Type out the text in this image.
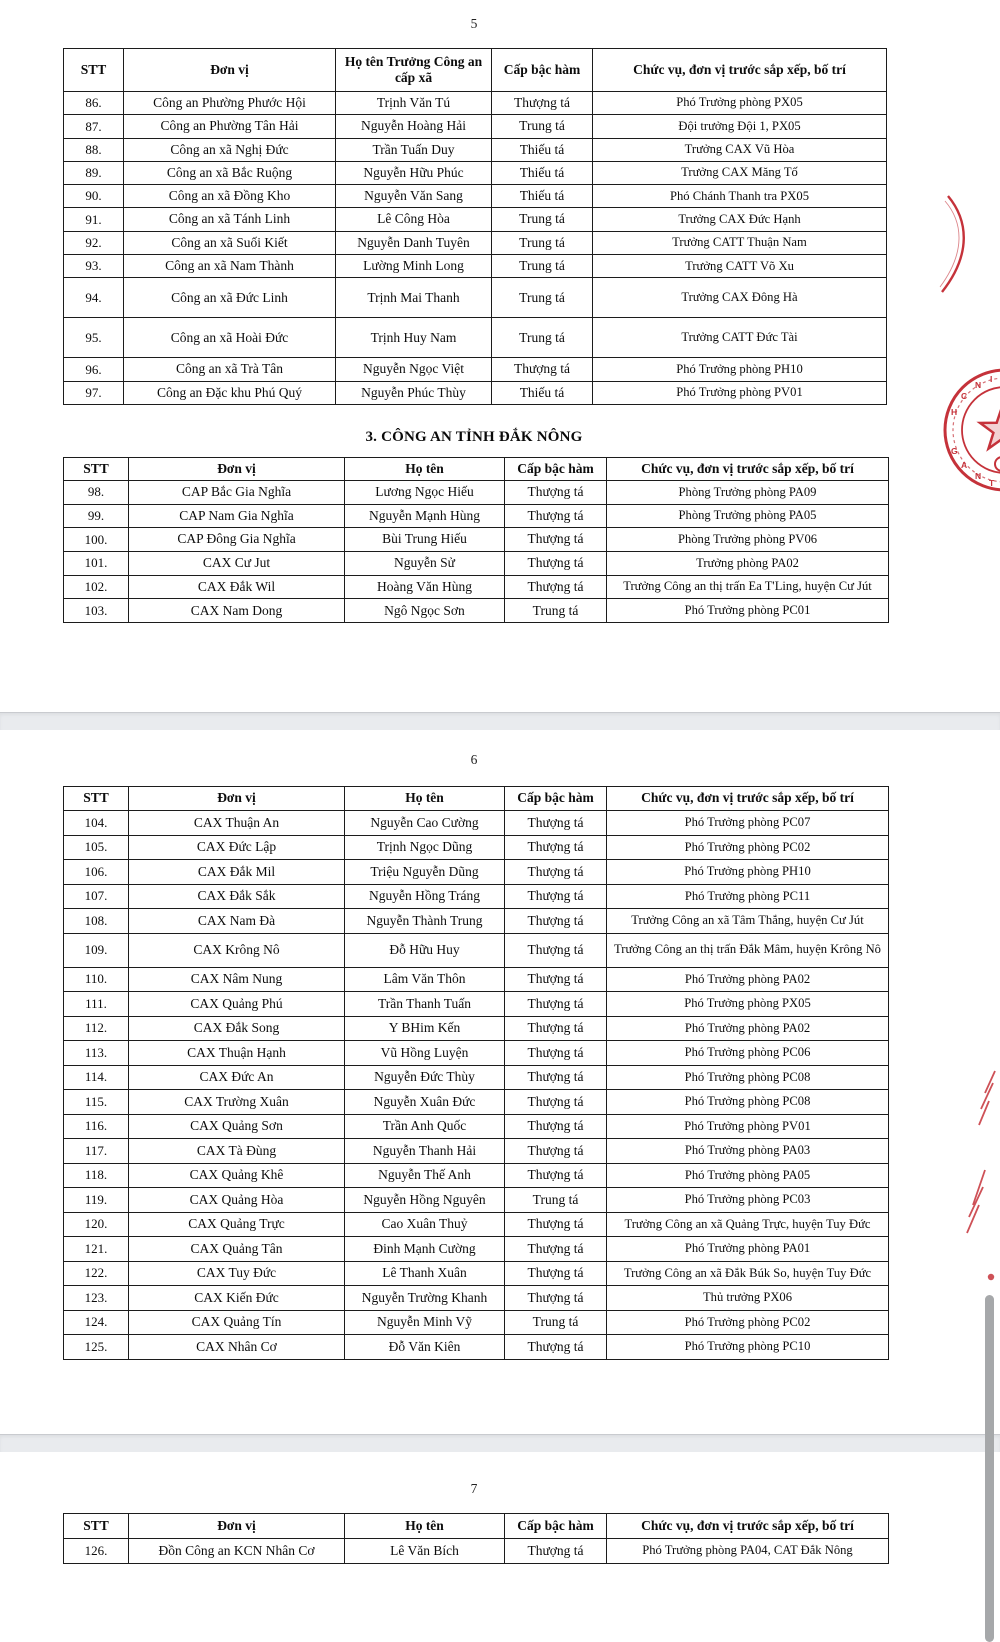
5
STT	Đơn vị	Họ tên Trưởng Công an cấp xã	Cấp bậc hàm	Chức vụ, đơn vị trước sắp xếp, bố trí
86.	Công an Phường Phước Hội	Trịnh Văn Tú	Thượng tá	Phó Trưởng phòng PX05
87.	Công an Phường Tân Hải	Nguyễn Hoàng Hải	Trung tá	Đội trưởng Đội 1, PX05
88.	Công an xã Nghị Đức	Trần Tuấn Duy	Thiếu tá	Trưởng CAX Vũ Hòa
89.	Công an xã Bắc Ruộng	Nguyễn Hữu Phúc	Thiếu tá	Trưởng CAX Măng Tố
90.	Công an xã Đồng Kho	Nguyễn Văn Sang	Thiếu tá	Phó Chánh Thanh tra PX05
91.	Công an xã Tánh Linh	Lê Công Hòa	Trung tá	Trưởng CAX Đức Hạnh
92.	Công an xã Suối Kiết	Nguyễn Danh Tuyên	Trung tá	Trưởng CATT Thuận Nam
93.	Công an xã Nam Thành	Lường Minh Long	Trung tá	Trưởng CATT Võ Xu
94.	Công an xã Đức Linh	Trịnh Mai Thanh	Trung tá	Trưởng CAX Đông Hà
95.	Công an xã Hoài Đức	Trịnh Huy Nam	Trung tá	Trưởng CATT Đức Tài
96.	Công an xã Trà Tân	Nguyễn Ngọc Việt	Thượng tá	Phó Trưởng phòng PH10
97.	Công an Đặc khu Phú Quý	Nguyễn Phúc Thùy	Thiếu tá	Phó Trưởng phòng PV01
3. CÔNG AN TỈNH ĐẮK NÔNG
STT	Đơn vị	Họ tên	Cấp bậc hàm	Chức vụ, đơn vị trước sắp xếp, bố trí
98.	CAP Bắc Gia Nghĩa	Lương Ngọc Hiếu	Thượng tá	Phòng Trưởng phòng PA09
99.	CAP Nam Gia Nghĩa	Nguyễn Mạnh Hùng	Thượng tá	Phòng Trưởng phòng PA05
100.	CAP Đông Gia Nghĩa	Bùi Trung Hiếu	Thượng tá	Phòng Trưởng phòng PV06
101.	CAX Cư Jut	Nguyễn Sử	Thượng tá	Trưởng phòng PA02
102.	CAX Đắk Wil	Hoàng Văn Hùng	Thượng tá	Trưởng Công an thị trấn Ea T'Ling, huyện Cư Jút
103.	CAX Nam Dong	Ngô Ngọc Sơn	Trung tá	Phó Trưởng phòng PC01
H
C
N
I
G
A
N
T
6
STT	Đơn vị	Họ tên	Cấp bậc hàm	Chức vụ, đơn vị trước sắp xếp, bố trí
104.	CAX Thuận An	Nguyễn Cao Cường	Thượng tá	Phó Trưởng phòng PC07
105.	CAX Đức Lập	Trịnh Ngọc Dũng	Thượng tá	Phó Trưởng phòng PC02
106.	CAX Đắk Mil	Triệu Nguyễn Dũng	Thượng tá	Phó Trưởng phòng PH10
107.	CAX Đắk Sắk	Nguyễn Hồng Tráng	Thượng tá	Phó Trưởng phòng PC11
108.	CAX Nam Đà	Nguyễn Thành Trung	Thượng tá	Trưởng Công an xã Tâm Thắng, huyện Cư Jút
109.	CAX Krông Nô	Đỗ Hữu Huy	Thượng tá	Trưởng Công an thị trấn Đắk Mâm, huyện Krông Nô
110.	CAX Nâm Nung	Lâm Văn Thôn	Thượng tá	Phó Trưởng phòng PA02
111.	CAX Quảng Phú	Trần Thanh Tuấn	Thượng tá	Phó Trưởng phòng PX05
112.	CAX Đắk Song	Y BHim Kến	Thượng tá	Phó Trưởng phòng PA02
113.	CAX Thuận Hạnh	Vũ Hồng Luyện	Thượng tá	Phó Trưởng phòng PC06
114.	CAX Đức An	Nguyễn Đức Thùy	Thượng tá	Phó Trưởng phòng PC08
115.	CAX Trường Xuân	Nguyễn Xuân Đức	Thượng tá	Phó Trưởng phòng PC08
116.	CAX Quảng Sơn	Trần Anh Quốc	Thượng tá	Phó Trưởng phòng PV01
117.	CAX Tà Đùng	Nguyễn Thanh Hải	Thượng tá	Phó Trưởng phòng PA03
118.	CAX Quảng Khê	Nguyễn Thế Anh	Thượng tá	Phó Trưởng phòng PA05
119.	CAX Quảng Hòa	Nguyễn Hồng Nguyên	Trung tá	Phó Trưởng phòng PC03
120.	CAX Quảng Trực	Cao Xuân Thuỷ	Thượng tá	Trưởng Công an xã Quảng Trực, huyện Tuy Đức
121.	CAX Quảng Tân	Đinh Mạnh Cường	Thượng tá	Phó Trưởng phòng PA01
122.	CAX Tuy Đức	Lê Thanh Xuân	Thượng tá	Trưởng Công an xã Đắk Búk So, huyện Tuy Đức
123.	CAX Kiến Đức	Nguyễn Trường Khanh	Thượng tá	Thủ trưởng PX06
124.	CAX Quảng Tín	Nguyễn Minh Vỹ	Trung tá	Phó Trưởng phòng PC02
125.	CAX Nhân Cơ	Đỗ Văn Kiên	Thượng tá	Phó Trưởng phòng PC10
7
STT	Đơn vị	Họ tên	Cấp bậc hàm	Chức vụ, đơn vị trước sắp xếp, bố trí
126.	Đồn Công an KCN Nhân Cơ	Lê Văn Bích	Thượng tá	Phó Trưởng phòng PA04, CAT Đắk Nông
